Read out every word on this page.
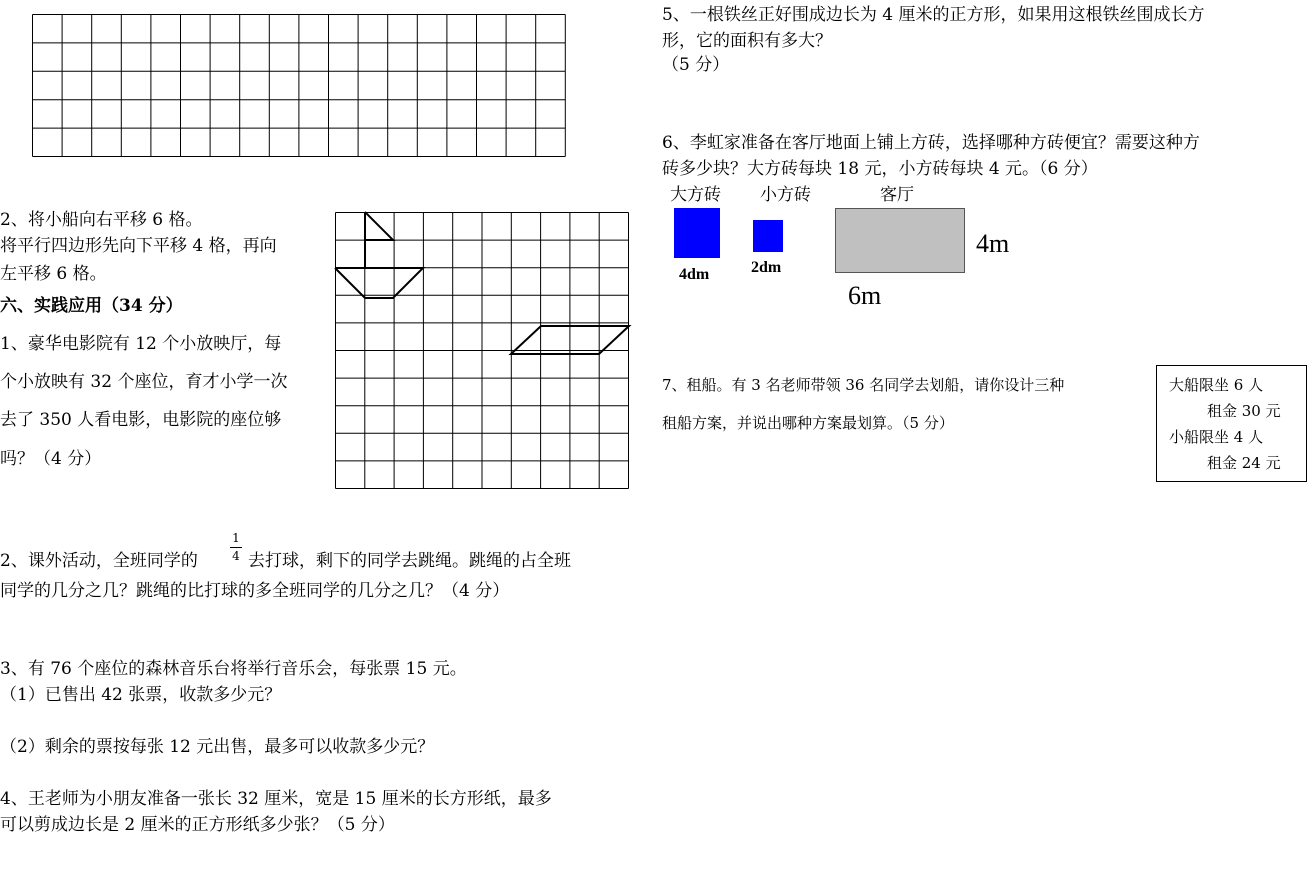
2、将小船向右平移 6 格。
将平行四边形先向下平移 4 格，再向
左平移 6 格。
六、实践应用（34 分）
1、豪华电影院有 12 个小放映厅，每
个小放映有 32 个座位，育才小学一次
去了 350 人看电影，电影院的座位够
吗？（4 分）
2、课外活动，全班同学的
1
4 去打球，剩下的同学去跳绳。跳绳的占全班
同学的几分之几？跳绳的比打球的多全班同学的几分之几？（4 分）
3、有 76 个座位的森林音乐台将举行音乐会，每张票 15 元。
（1）已售出 42 张票，收款多少元？
（2）剩余的票按每张 12 元出售，最多可以收款多少元？
4、王老师为小朋友准备一张长 32 厘米，宽是 15 厘米的长方形纸，最多
可以剪成边长是 2 厘米的正方形纸多少张？（5 分）
5、一根铁丝正好围成边长为 4 厘米的正方形，如果用这根铁丝围成长方
形，它的面积有多大？
（5 分）
6、李虹家准备在客厅地面上铺上方砖，选择哪种方砖便宜？需要这种方
砖多少块？大方砖每块 18 元，小方砖每块 4 元。（6 分）
大方砖 小方砖	客厅
4dm	2dm
4m
6m
7、租船。有 3 名老师带领 36 名同学去划船，请你设计三种
租船方案，并说出哪种方案最划算。（5 分）
大船限坐 6 人
租金 30 元
小船限坐 4 人
租金 24 元
